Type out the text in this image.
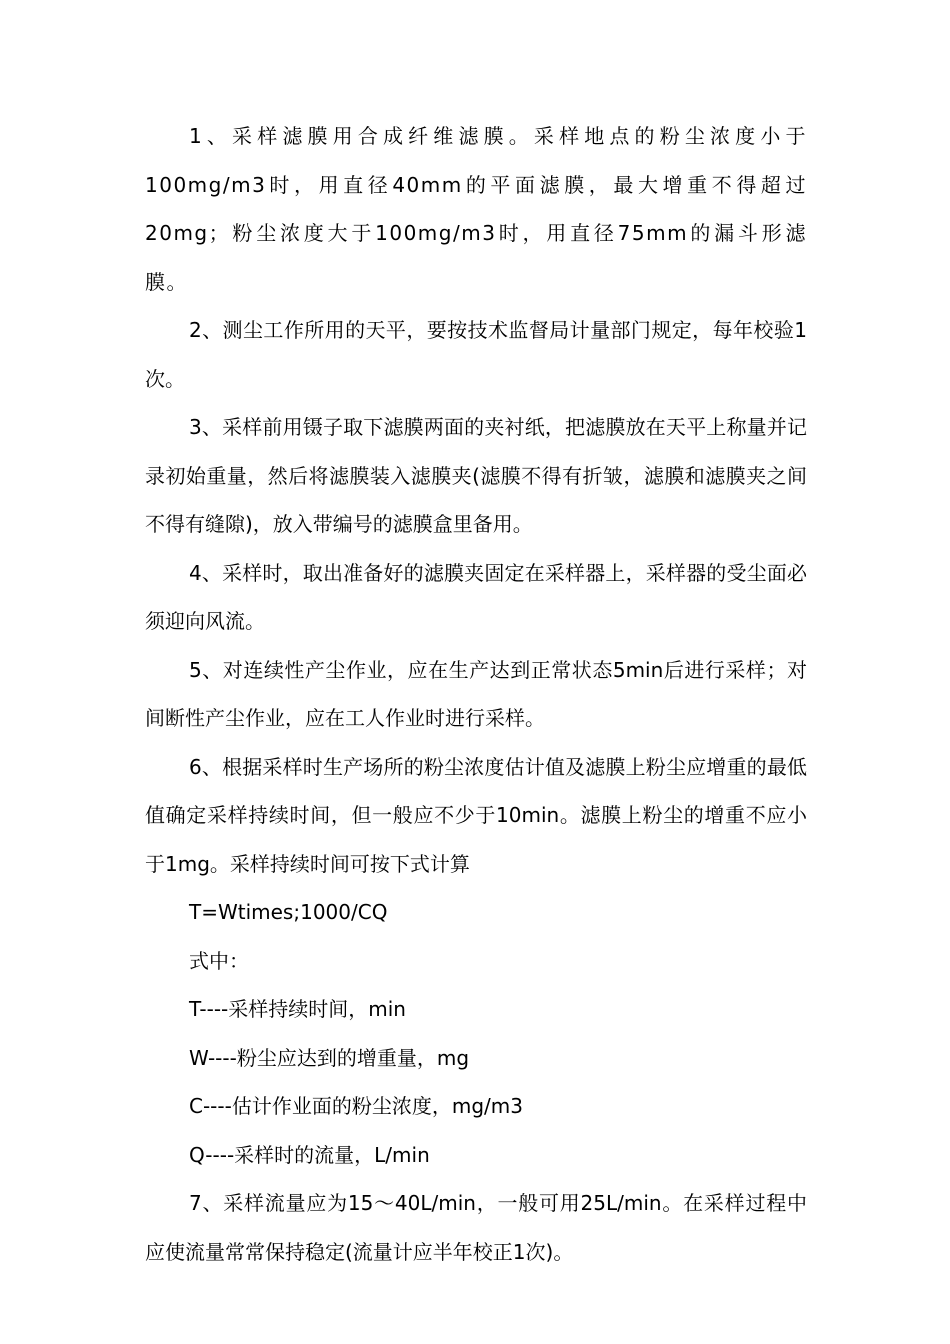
1、采样滤膜用合成纤维滤膜。采样地点的粉尘浓度小于100mg/m3时，用直径40mm的平面滤膜，最大增重不得超过20mg；粉尘浓度大于100mg/m3时，用直径75mm的漏斗形滤膜。

2、测尘工作所用的天平，要按技术监督局计量部门规定，每年校验1次。

3、采样前用镊子取下滤膜两面的夹衬纸，把滤膜放在天平上称量并记录初始重量，然后将滤膜装入滤膜夹(滤膜不得有折皱，滤膜和滤膜夹之间不得有缝隙)，放入带编号的滤膜盒里备用。

4、采样时，取出准备好的滤膜夹固定在采样器上，采样器的受尘面必须迎向风流。

5、对连续性产尘作业，应在生产达到正常状态5min后进行采样；对间断性产尘作业，应在工人作业时进行采样。

6、根据采样时生产场所的粉尘浓度估计值及滤膜上粉尘应增重的最低值确定采样持续时间，但一般应不少于10min。滤膜上粉尘的增重不应小于1mg。采样持续时间可按下式计算

T=Wtimes;1000/CQ

式中：

T----采样持续时间，min

W----粉尘应达到的增重量，mg

C----估计作业面的粉尘浓度，mg/m3

Q----采样时的流量，L/min

7、采样流量应为15～40L/min，一般可用25L/min。在采样过程中应使流量常常保持稳定(流量计应半年校正1次)。
